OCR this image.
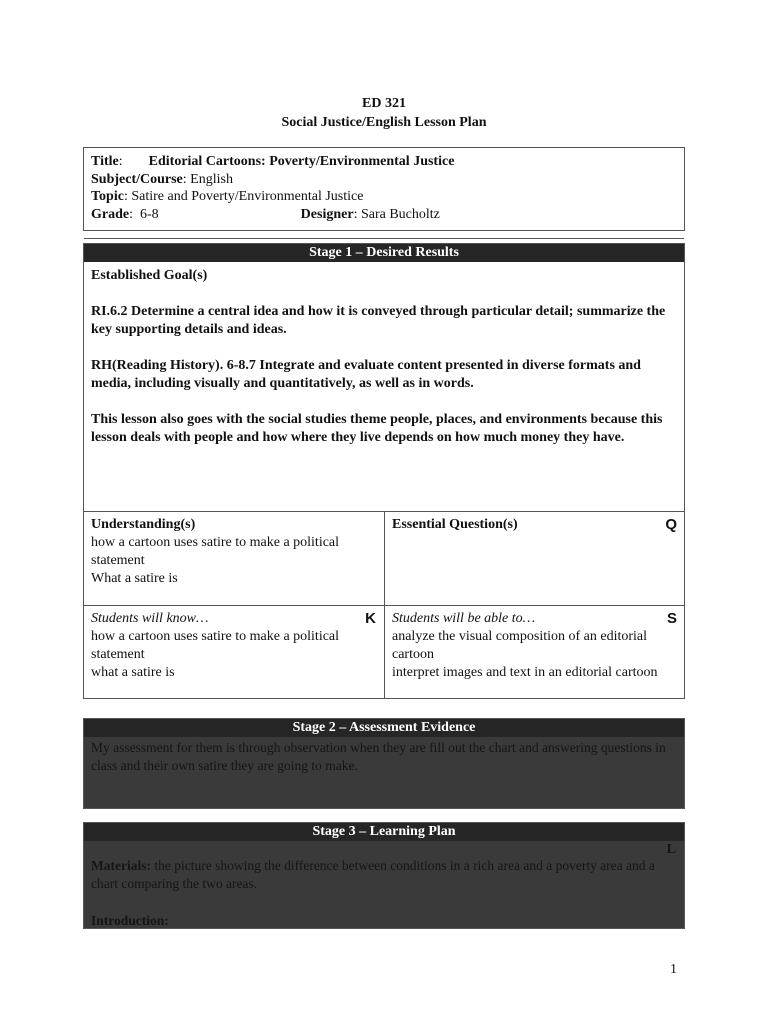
ED 321
Social Justice/English Lesson Plan
Title: Editorial Cartoons: Poverty/Environmental Justice
Subject/Course: English
Topic: Satire and Poverty/Environmental Justice
Grade:  6-8	Designer: Sara Bucholtz
Stage 1 – Desired Results

Established Goal(s)

RI.6.2 Determine a central idea and how it is conveyed through particular detail; summarize the key supporting details and ideas.

RH(Reading History). 6-8.7 Integrate and evaluate content presented in diverse formats and media, including visually and quantitatively, as well as in words.

This lesson also goes with the social studies theme people, places, and environments because this lesson deals with people and how where they live depends on how much money they have.

Understanding(s)
how a cartoon uses satire to make a political statement
What a satire is
Essential Question(s)	Q
Students will know…	K
how a cartoon uses satire to make a political statement
what a satire is
Students will be able to…	S
analyze the visual composition of an editorial cartoon
interpret images and text in an editorial cartoon
Stage 2 – Assessment Evidence
My assessment for them is through observation when they are fill out the chart and answering questions in class and their own satire they are going to make.
Stage 3 – Learning Plan
L
Materials: the picture showing the difference between conditions in a rich area and a poverty area and a chart comparing the two areas.
Introduction:
1
